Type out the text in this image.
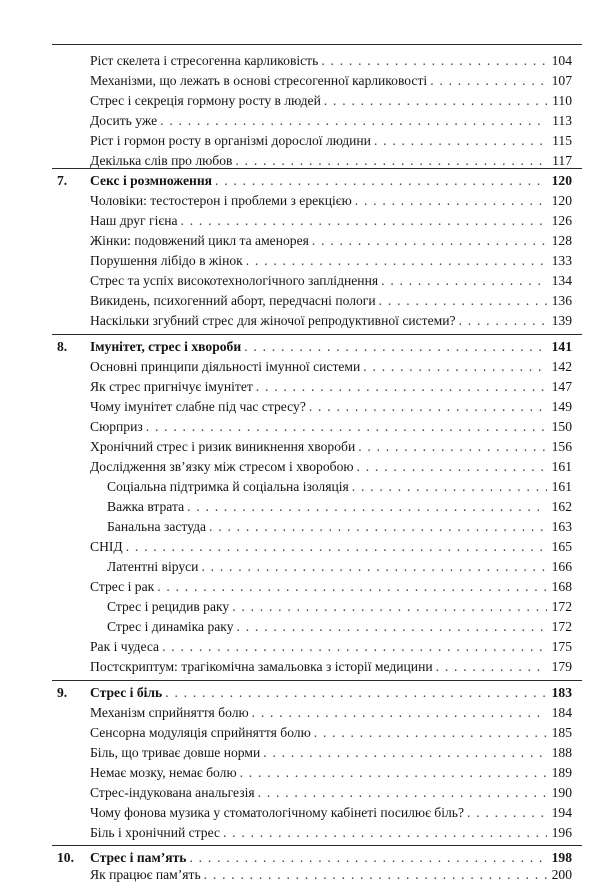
Ріст скелета і стресогенна карликовість . . .	104
Механізми, що лежать в основі стресогенної карликовості . . .	107
Стрес і секреція гормону росту в людей . . .	110
Досить уже . . .	113
Ріст і гормон росту в організмі дорослої людини . . .	115
Декілька слів про любов . . .	117
7.	Секс і розмноження . . .	120
Чоловіки: тестостерон і проблеми з ерекцією . . .	120
Наш друг гієна . . .	126
Жінки: подовжений цикл та аменорея . . .	128
Порушення лібідо в жінок . . .	133
Стрес та успіх високотехнологічного запліднення . . .	134
Викидень, психогенний аборт, передчасні пологи . . .	136
Наскільки згубний стрес для жіночої репродуктивної системи? . . .	139
8.	Імунітет, стрес і хвороби . . .	141
Основні принципи діяльності імунної системи . . .	142
Як стрес пригнічує імунітет . . .	147
Чому імунітет слабне під час стресу? . . .	149
Сюрприз . . .	150
Хронічний стрес і ризик виникнення хвороби . . .	156
Дослідження зв’язку між стресом і хворобою . . .	161
Соціальна підтримка й соціальна ізоляція . . .	161
Важка втрата . . .	162
Банальна застуда . . .	163
СНІД . . .	165
Латентні віруси . . .	166
Стрес і рак . . .	168
Стрес і рецидив раку . . .	172
Стрес і динаміка раку . . .	172
Рак і чудеса . . .	175
Постскриптум: трагікомічна замальовка з історії медицини . . .	179
9.	Стрес і біль . . .	183
Механізм сприйняття болю . . .	184
Сенсорна модуляція сприйняття болю . . .	185
Біль, що триває довше норми . . .	188
Немає мозку, немає болю . . .	189
Стрес-індукована анальгезія . . .	190
Чому фонова музика у стоматологічному кабінеті посилює біль? . . .	194
Біль і хронічний стрес . . .	196
10.	Стрес і пам’ять . . .	198
Як працює пам’ять . . .	200
